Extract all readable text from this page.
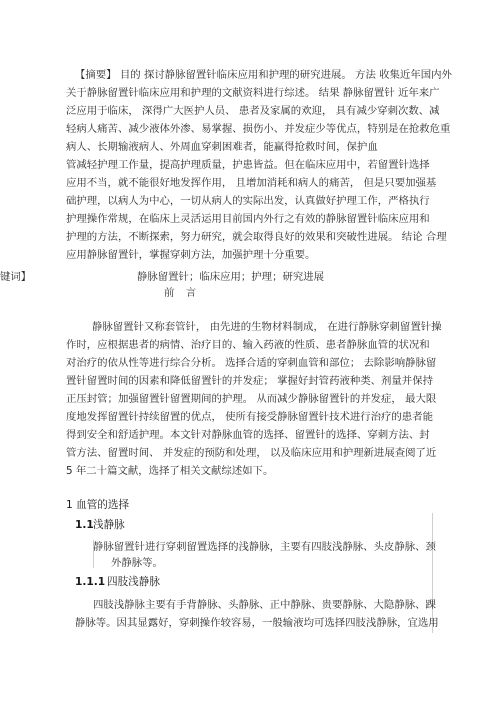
【摘要】 目的 探讨静脉留置针临床应用和护理的研究进展。 方法 收集近年国内外
关于静脉留置针临床应用和护理的文献资料进行综述。 结果 静脉留置针 近年来广
泛应用于临床， 深得广大医护人员、 患者及家属的欢迎， 具有减少穿刺次数、减
轻病人痛苦、减少液体外渗、易掌握、损伤小、并发症少等优点，特别是在抢救危重
病人、长期输液病人、外周血穿刺困难者，能赢得抢救时间，保护血
管减轻护理工作量，提高护理质量，护患皆益。但在临床应用中，若留置针选择
应用不当，就不能很好地发挥作用， 且增加消耗和病人的痛苦， 但是只要加强基
础护理，以病人为中心，一切从病人的实际出发，认真做好护理工作，严格执行
护理操作常规，在临床上灵活运用目前国内外行之有效的静脉留置针临床应用和
护理的方法，不断探索，努力研究，就会取得良好的效果和突破性进展。 结论 合理
应用静脉留置针，掌握穿刺方法，加强护理十分重要。
键词】	静脉留置针；临床应用；护理；研究进展
前 言
静脉留置针又称套管针， 由先进的生物材料制成， 在进行静脉穿刺留置针操
作时，应根据患者的病情、治疗目的、输入药液的性质、患者静脉血管的状况和
对治疗的依从性等进行综合分析。 选择合适的穿刺血管和部位； 去除影响静脉留
置针留置时间的因素和降低留置针的并发症； 掌握好封管药液种类、剂量并保持
正压封管；加强留置针留置期间的护理。 从而减少静脉留置针的并发症， 最大限
度地发挥留置针持续留置的优点， 使所有接受静脉留置针技术进行治疗的患者能
得到安全和舒适护理。本文针对静脉血管的选择、留置针的选择、穿刺方法、封
管方法、留置时间、 并发症的预防和处理， 以及临床应用和护理新进展查阅了近
5 年二十篇文献，选择了相关文献综述如下。
1 血管的选择
1.1 浅静脉
静脉留置针进行穿刺留置选择的浅静脉，主要有四肢浅静脉、头皮静脉、颈
外静脉等。
1.1.1 四肢浅静脉
四肢浅静脉主要有手背静脉、头静脉、正中静脉、贵要静脉、大隐静脉、踝
静脉等。因其显露好，穿刺操作较容易，一般输液均可选择四肢浅静脉，宜选用
